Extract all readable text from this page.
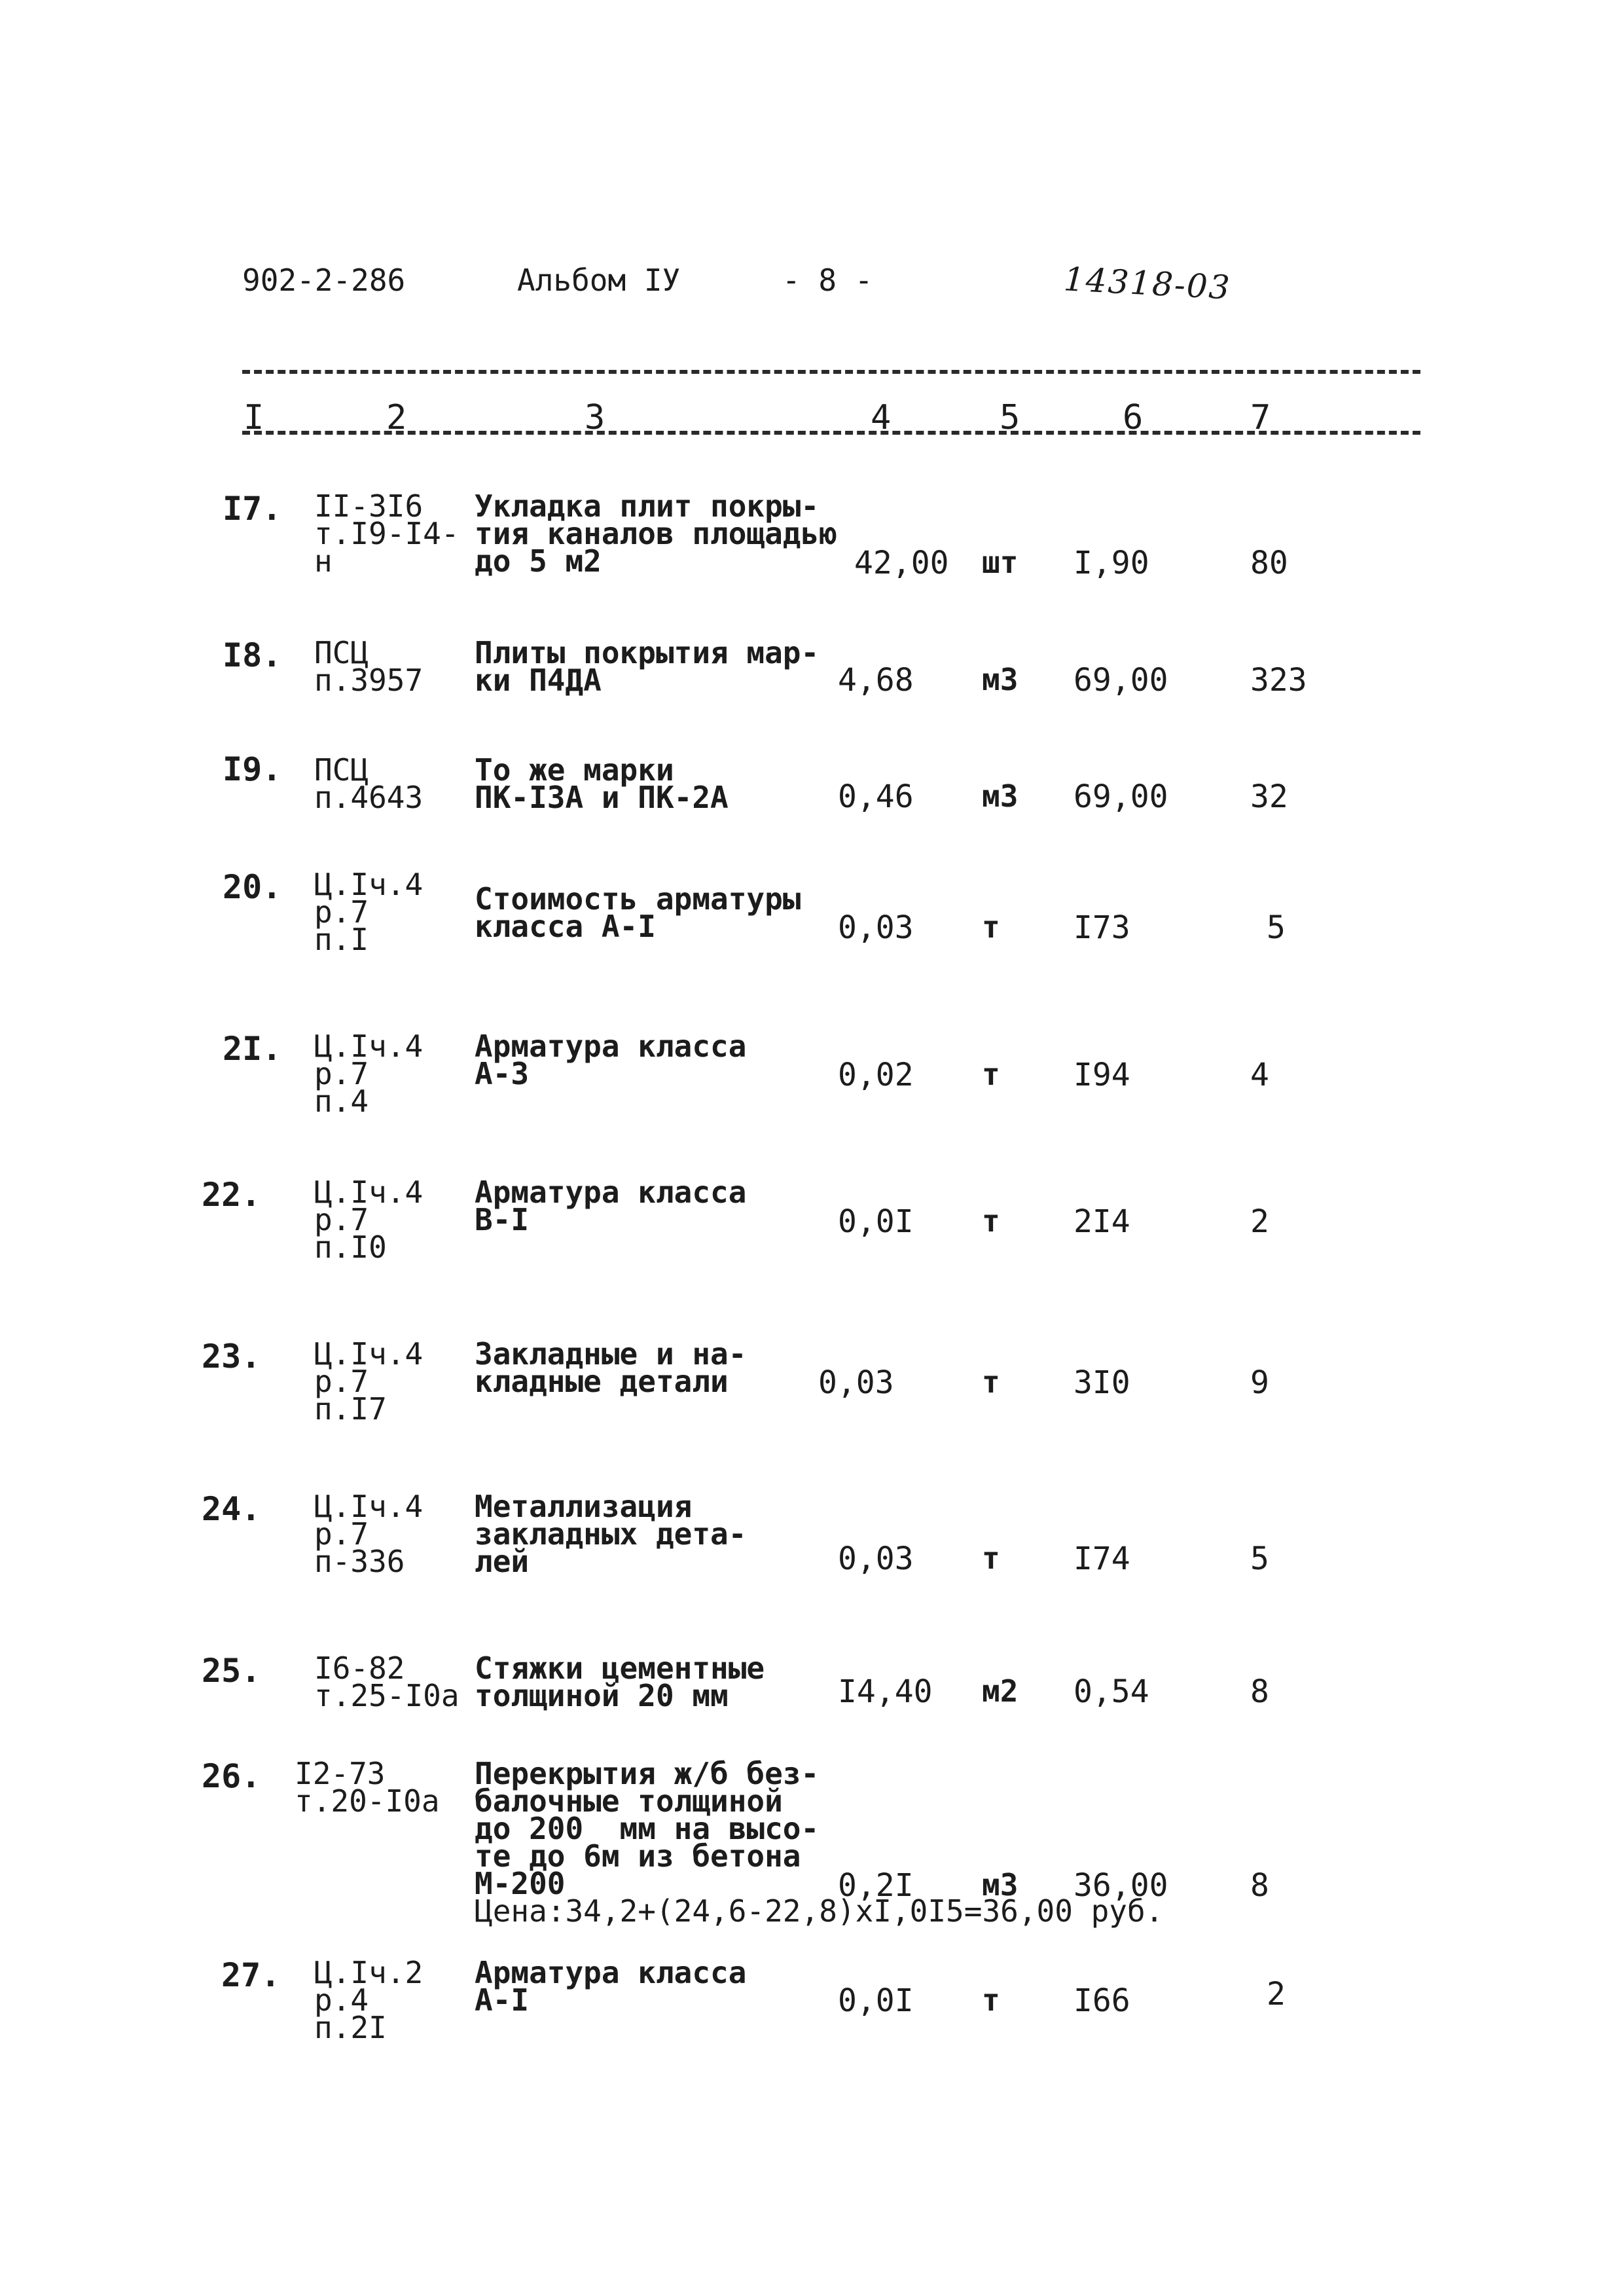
902-2-286	Альбом IУ	- 8 -	14318-03
I	2	3	4	5	6	7
I7. II-3I6
т.I9-I4-
н
Укладка плит покры-
тия каналов площадью
до 5 м2	42,00 шт I,90	80
I8. ПСЦ
п.3957
Плиты покрытия мар-
ки П4ДА	4,68 м3 69,00	323
I9. ПСЦ
п.4643
То же марки
ПК-I3А и ПК-2А	0,46 м3 69,00	32
20. Ц.Iч.4
р.7
п.I
Стоимость арматуры
класса А-I	0,03 т I73	5
2I. Ц.Iч.4
р.7
п.4
Арматура класса
А-3	0,02 т I94	4
22. Ц.Iч.4
р.7
п.I0
Арматура класса
В-I	0,0I т 2I4	2
23. Ц.Iч.4
р.7
п.I7
Закладные и на-
кладные детали	0,03	т 3I0	9
24. Ц.Iч.4
р.7
п-336
Металлизация
закладных дета-
лей	0,03 т I74	5
25. I6-82
т.25-I0а
Стяжки цементные
толщиной 20 мм	I4,40 м2 0,54	8
26. I2-73
т.20-I0а
Перекрытия ж/б без-
балочные толщиной
до 200  мм на высо-
те до 6м из бетона
М-200	0,2I м3 36,00	8
Цена:34,2+(24,6-22,8)хI,0I5=36,00 руб.
27. Ц.Iч.2
р.4
п.2I
Арматура класса
А-I	0,0I т I66	2
